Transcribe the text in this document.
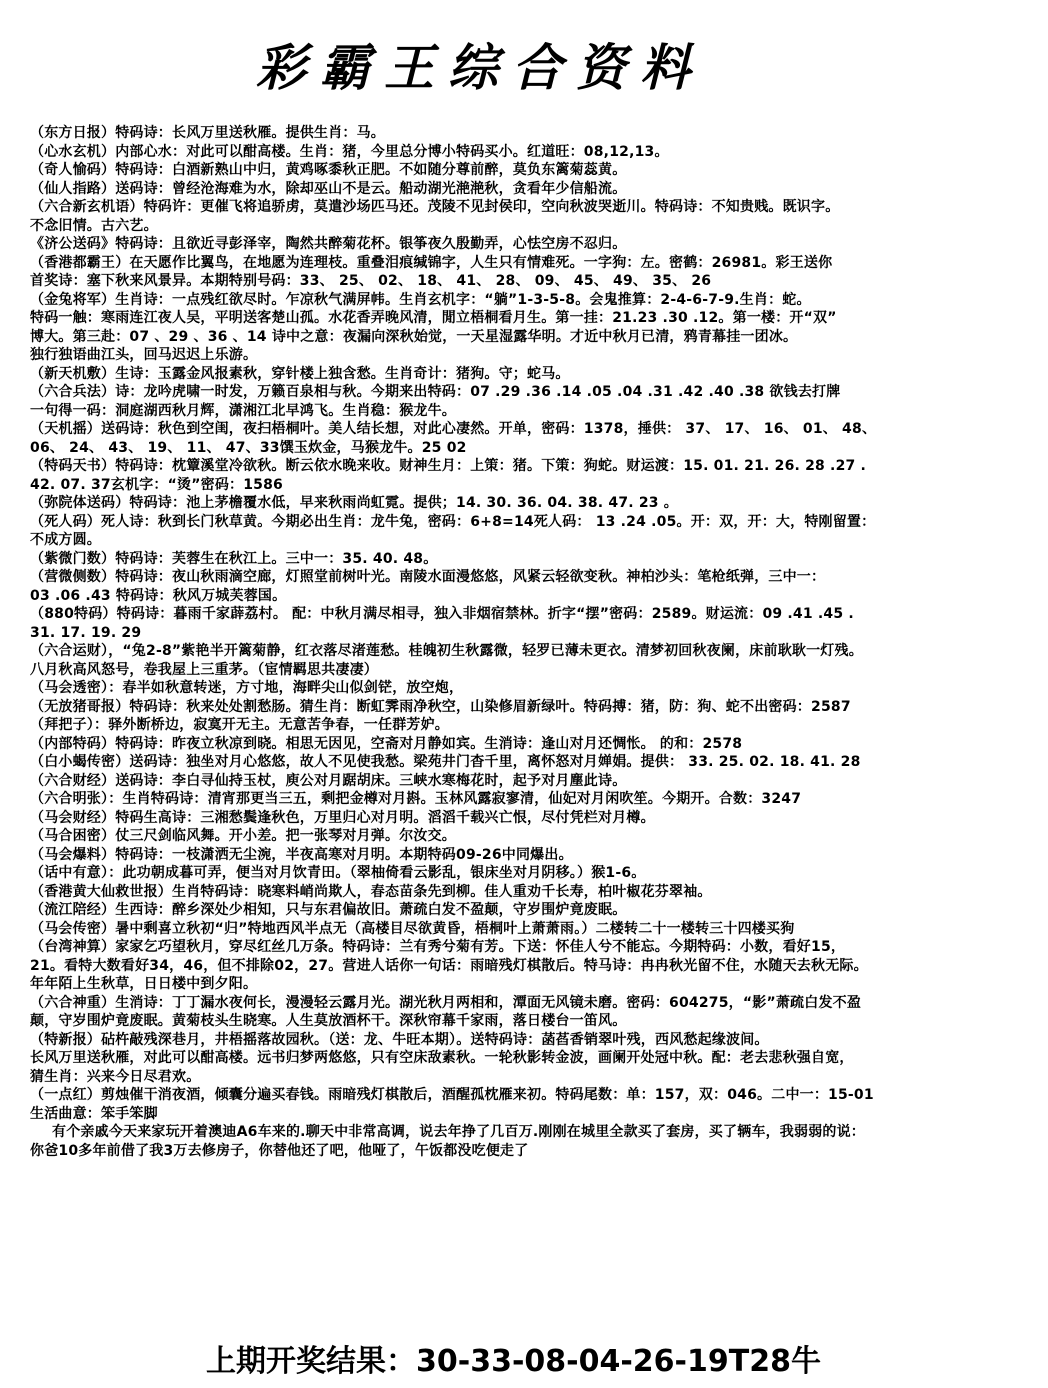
彩霸王综合资料
（东方日报）特码诗：长风万里送秋雁。提供生肖：马。
（心水玄机）内部心水：对此可以酣高楼。生肖：猪，今里总分博小特码买小。红道旺：08,12,13。
（奇人愉码）特码诗：白酒新熟山中归，黄鸡啄黍秋正肥。不如随分尊前醉，莫负东篱菊蕊黄。
（仙人指路）送码诗：曾经沧海难为水，除却巫山不是云。船动湖光滟滟秋，贪看年少信船流。
（六合新玄机语）特码许：更催飞将追骄虏，莫遣沙场匹马还。茂陵不见封侯印，空向秋波哭逝川。特码诗：不知贵贱。既识字。
不念旧情。古六艺。
《济公送码》特码诗：且欲近寻彭泽宰，陶然共醉菊花杯。银筝夜久殷勤弄，心怯空房不忍归。
（香港都霸王）在天愿作比翼鸟，在地愿为连理枝。重叠泪痕缄锦字，人生只有情难死。一字狗：左。密鹤：26981。彩王送你
首奖诗：塞下秋来风景异。本期特别号码：33、 25、 02、 18、 41、 28、 09、 45、 49、 35、 26
（金兔将军）生肖诗：一点残红欲尽时。乍凉秋气满屏帏。生肖玄机字：“躺”1-3-5-8。会鬼推算：2-4-6-7-9.生肖：蛇。
特码一触：寒雨连江夜人吴，平明送客楚山孤。水花香弄晚风清，閒立梧桐看月生。第一挂：21.23 .30 .12。第一楼：开“双”
博大。第三赴：07 、29 、36 、14 诗中之意：夜漏向深秋始觉，一天星湿露华明。才近中秋月已清，鸦青幕挂一团冰。
独行独语曲江头，回马迟迟上乐游。
（新天机敷）生诗：玉露金风报素秋，穿针楼上独含愁。生肖奇计：猪狗。守；蛇马。
（六合兵法）诗：龙吟虎啸一时发，万籁百泉相与秋。今期来出特码：07 .29 .36 .14 .05 .04 .31 .42 .40 .38 欲钱去打牌
一句得一码：洞庭湖西秋月辉，潇湘江北早鸿飞。生肖稳：猴龙牛。
（天机摇）送码诗：秋色到空闺，夜扫梧桐叶。美人结长想，对此心凄然。开单，密码：1378，捶供： 37、 17、 16、 01、 48、
06、 24、 43、 19、 11、 47、33馔玉炊金，马猴龙牛。25 02
（特码天书）特码诗：枕簟溪堂冷欲秋。断云依水晚来收。财神生月：上策：猪。下策：狗蛇。财运渡：15. 01. 21. 26. 28 .27 .
42. 07. 37玄机字：“烫”密码：1586
（弥院体送码）特码诗：池上茅檐覆水低，早来秋雨尚虹霓。提供；14. 30. 36. 04. 38. 47. 23 。
（死人码）死人诗：秋到长门秋草黄。今期必出生肖：龙牛兔，密码：6+8=14死人码： 13 .24 .05。开：双，开：大，特刚留置：
不成方圆。
（紫微门数）特码诗：芙蓉生在秋江上。三中一：35. 40. 48。
（营微侧数）特码诗：夜山秋雨滴空廊，灯照堂前树叶光。南陵水面漫悠悠，风紧云轻欲变秋。神柏沙头：笔枪纸弹，三中一：
03 .06 .43 特码诗：秋风万城芙蓉国。
（880特码）特码诗：暮雨千家薜荔村。 配：中秋月满尽相寻，独入非烟宿禁林。折字“摆”密码：2589。财运流：09 .41 .45 .
31. 17. 19. 29
（六合运财），“兔2-8”紫艳半开篱菊静，红衣落尽渚莲愁。桂魄初生秋露微，轻罗已薄未更衣。清梦初回秋夜阑，床前耿耿一灯残。
八月秋高风怒号，卷我屋上三重茅。（宦情羁思共凄凄）
（马会透密）：春半如秋意转迷，方寸地，海畔尖山似剑铓，放空炮，
（无放猪哥报）特码诗：秋来处处割愁肠。猜生肖：断虹霁雨净秋空，山染修眉新绿叶。特码搏：猪，防：狗、蛇不出密码：2587
（拜把子）：驿外断桥边，寂寞开无主。无意苦争春，一任群芳妒。
（内部特码）特码诗：昨夜立秋凉到晓。相思无因见，空斋对月静如宾。生消诗：逢山对月还惆怅。 的和：2578
（白小蝎传密）送码诗：独坐对月心悠悠，故人不见使我愁。梁苑井门杳千里，离怀怒对月婵娟。提供： 33. 25. 02. 18. 41. 28
（六合财经）送码诗：李白寻仙持玉杖，庾公对月踞胡床。三峡水寒梅花时，起予对月塵此诗。
（六合明张）：生肖特码诗：清宵那更当三五，剩把金樽对月斟。玉林风露寂寥清，仙妃对月闲吹笙。今期开。合数：3247
（马会财经）特码生高诗：三湘愁鬓逢秋色，万里归心对月明。滔滔千载兴亡恨，尽付凭栏对月樽。
（马合困密）仗三尺剑临风舞。开小差。把一张琴对月弹。尔汝交。
（马会爆料）特码诗：一枝潇洒无尘涴，半夜高寒对月明。本期特码09-26中同爆出。
（话中有意）：此功朝成暮可弄，便当对月饮青田。（翠柚倚看云影乱，银床坐对月阴移。）猴1-6。
（香港黄大仙救世报）生肖特码诗：晓寒料峭尚欺人，春态苗条先到柳。佳人重劝千长寿，柏叶椒花芬翠袖。
（流江陪经）生西诗：醉乡深处少相知，只与东君偏故旧。萧疏白发不盈颠，守岁围炉竟废眠。
（马会传密）暑中剩喜立秋初“归”特地西风半点无（高楼目尽欲黄昏，梧桐叶上萧萧雨。）二楼转二十一楼转三十四楼买狗
（台湾神算）家家乞巧望秋月，穿尽红丝几万条。特码诗：兰有秀兮菊有芳。下送：怀佳人兮不能忘。今期特码：小数，看好15，
21。看特大数看好34，46，但不排除02，27。营进人话你一句话：雨暗残灯棋散后。特马诗：冉冉秋光留不住，水随天去秋无际。
年年陌上生秋草，日日楼中到夕阳。
（六合神重）生消诗：丁丁漏水夜何长，漫漫轻云露月光。湖光秋月两相和，潭面无风镜未磨。密码：604275，“影”萧疏白发不盈
颠，守岁围炉竟废眠。黄菊枝头生晓寒。人生莫放酒杯干。深秋帘幕千家雨，落日楼台一笛风。
（特新报）砧杵敲残深巷月，井梧摇落故园秋。（送：龙、牛旺本期）。送特码诗：菡萏香销翠叶残，西风愁起缘波间。
长风万里送秋雁，对此可以酣高楼。远书归梦两悠悠，只有空床敌素秋。一轮秋影转金波，画阑开处冠中秋。配：老去悲秋强自宽，
猜生肖：兴来今日尽君欢。
（一点红）剪烛催干消夜酒，倾囊分遍买春钱。雨暗残灯棋散后，酒醒孤枕雁来初。特码尾数：单：157，双：046。二中一：15-01
生活曲意：笨手笨脚
有个亲戚今天来家玩开着澳迪A6车来的.聊天中非常高调，说去年挣了几百万.刚刚在城里全款买了套房，买了辆车，我弱弱的说：
你爸10多年前借了我3万去修房子，你替他还了吧，他哑了，午饭都没吃便走了
上期开奖结果：30-33-08-04-26-19T28牛
